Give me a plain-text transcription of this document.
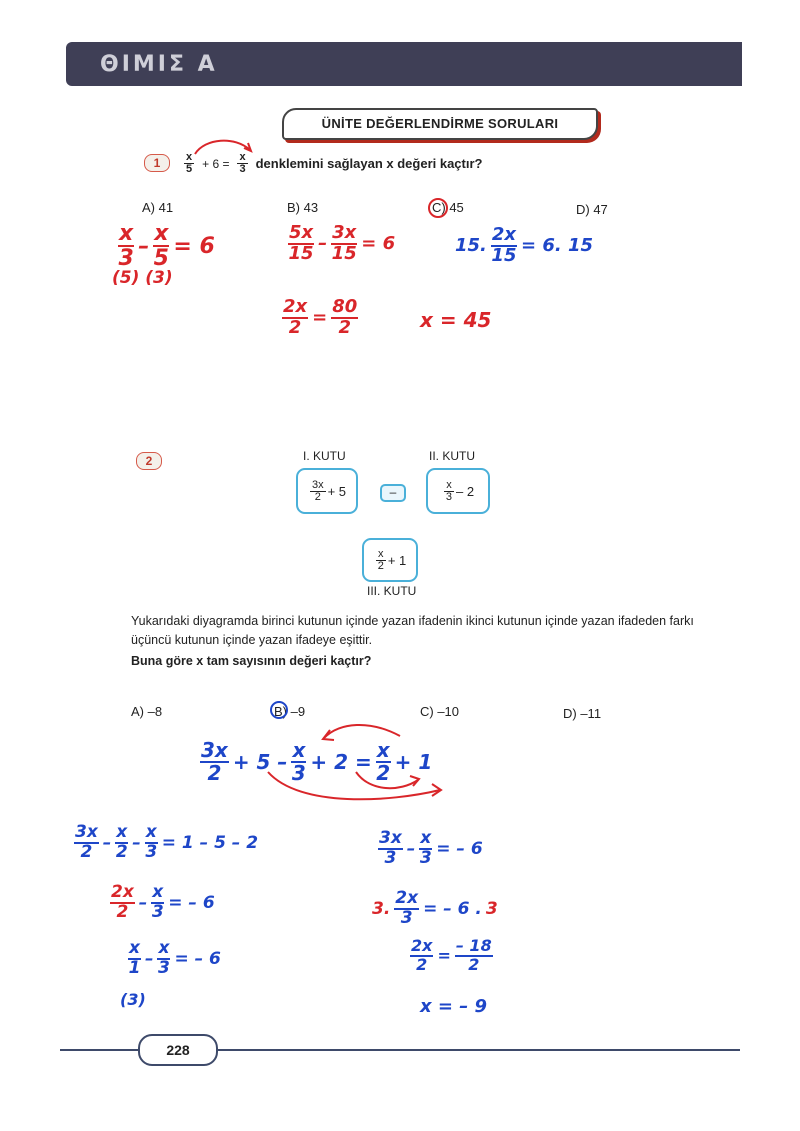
ΘΙΜΙΣ Α
ÜNİTE DEĞERLENDİRME SORULARI
1	$\frac{x}{5} + 6 = \frac{x}{3}$ denklemini sağlayan x değeri kaçtır?
A) 41	B) 43	C) 45	D) 47
x
$3 - \frac{x}{5} = 6$
(5) (3)
5x
$15 - \frac{3x}{15} = 6$	15. $\frac{2x}{15} = 6$. 15
$\frac{2x}{2} = \frac{80}{2}$	x = 45
2	I. KUTU
$\frac{3x}{2} + 5$	–
II. KUTU
$\frac{x}{3} - 2$
$\frac{x}{2} + 1$
III. KUTU
Yukarıdaki diyagramda birinci kutunun içinde yazan ifadenin ikinci kutunun içinde yazan ifadeden farkı üçüncü kutunun içinde yazan ifadeye eşittir.
Buna göre x tam sayısının değeri kaçtır?
A) –8	B) –9	C) –10	D) –11
3x
2 + 5 – x
$3 + 2 = \frac{x}{2} + 1$
3x
2 –
x
$2 - \frac{x}{3} = 1 - 5 - 2$
2x
$2 - \frac{x}{3}$ = – 6
x
$1 - \frac{x}{3}$ = – 6
(3)
3x
$3 - \frac{x}{3}$ = – 6
3. $\frac{2x}{3}$ = – 6 . 3
$\frac{2x}{2} = \frac{- 18}{2}$
x = – 9
228
